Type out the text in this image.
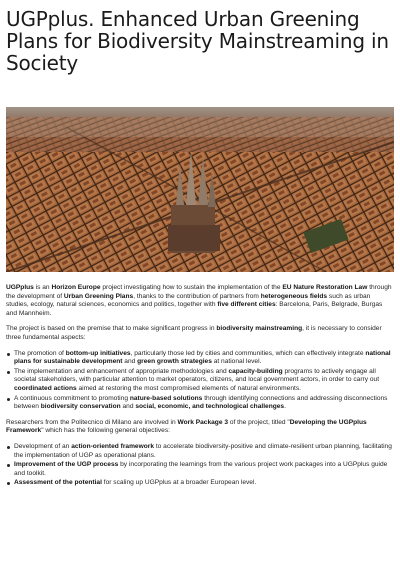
UGPplus. Enhanced Urban Greening Plans for Biodiversity Mainstreaming in Society

UGPplus is an Horizon Europe project investigating how to sustain the implementation of the EU Nature Restoration Law through the development of Urban Greening Plans, thanks to the contribution of partners from heterogeneous fields such as urban studies, ecology, natural sciences, economics and politics, together with five different cities: Barcelona, Paris, Belgrade, Burgas and Mannheim.

The project is based on the premise that to make significant progress in biodiversity mainstreaming, it is necessary to consider three fundamental aspects:

The promotion of bottom-up initiatives, particularly those led by cities and communities, which can effectively integrate national plans for sustainable development and green growth strategies at national level.
The implementation and enhancement of appropriate methodologies and capacity-building programs to actively engage all societal stakeholders, with particular attention to market operators, citizens, and local government actors, in order to carry out coordinated actions aimed at restoring the most compromised elements of natural environments.
A continuous commitment to promoting nature-based solutions through identifying connections and addressing disconnections between biodiversity conservation and social, economic, and technological challenges.

Researchers from the Politecnico di Milano are involved in Work Package 3 of the project, titled "Developing the UGPplus Framework" which has the following general objectives:

Development of an action-oriented framework to accelerate biodiversity-positive and climate-resilient urban planning, facilitating the implementation of UGP as operational plans.
Improvement of the UGP process by incorporating the learnings from the various project work packages into a UGPplus guide and toolkit.
Assessment of the potential for scaling up UGPplus at a broader European level.
